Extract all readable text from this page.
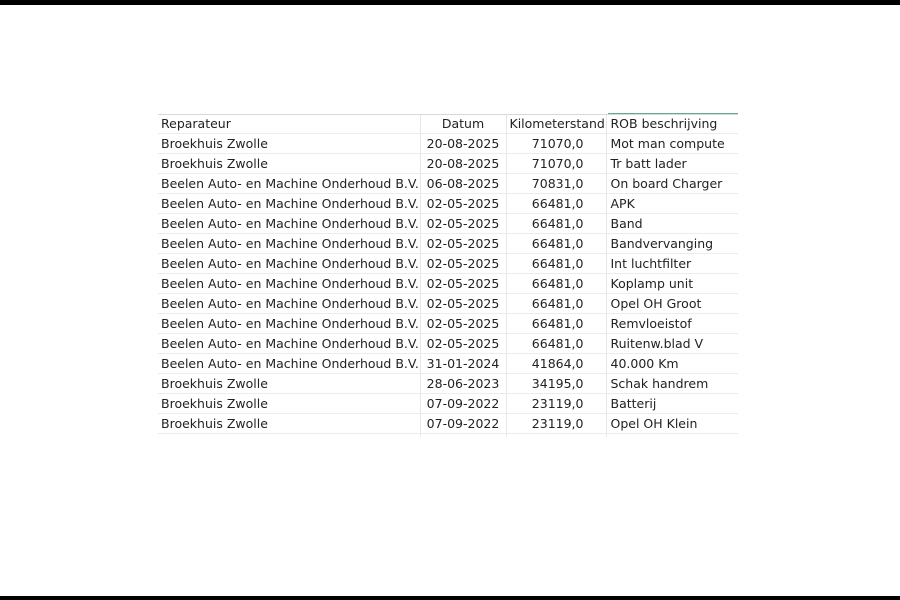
Reparateur	Datum	Kilometerstand	ROB beschrijving
Broekhuis Zwolle	20-08-2025	71070,0	Mot man compute
Broekhuis Zwolle	20-08-2025	71070,0	Tr batt lader
Beelen Auto- en Machine Onderhoud B.V.	06-08-2025	70831,0	On board Charger
Beelen Auto- en Machine Onderhoud B.V.	02-05-2025	66481,0	APK
Beelen Auto- en Machine Onderhoud B.V.	02-05-2025	66481,0	Band
Beelen Auto- en Machine Onderhoud B.V.	02-05-2025	66481,0	Bandvervanging
Beelen Auto- en Machine Onderhoud B.V.	02-05-2025	66481,0	Int luchtfilter
Beelen Auto- en Machine Onderhoud B.V.	02-05-2025	66481,0	Koplamp unit
Beelen Auto- en Machine Onderhoud B.V.	02-05-2025	66481,0	Opel OH Groot
Beelen Auto- en Machine Onderhoud B.V.	02-05-2025	66481,0	Remvloeistof
Beelen Auto- en Machine Onderhoud B.V.	02-05-2025	66481,0	Ruitenw.blad V
Beelen Auto- en Machine Onderhoud B.V.	31-01-2024	41864,0	40.000 Km
Broekhuis Zwolle	28-06-2023	34195,0	Schak handrem
Broekhuis Zwolle	07-09-2022	23119,0	Batterij
Broekhuis Zwolle	07-09-2022	23119,0	Opel OH Klein
